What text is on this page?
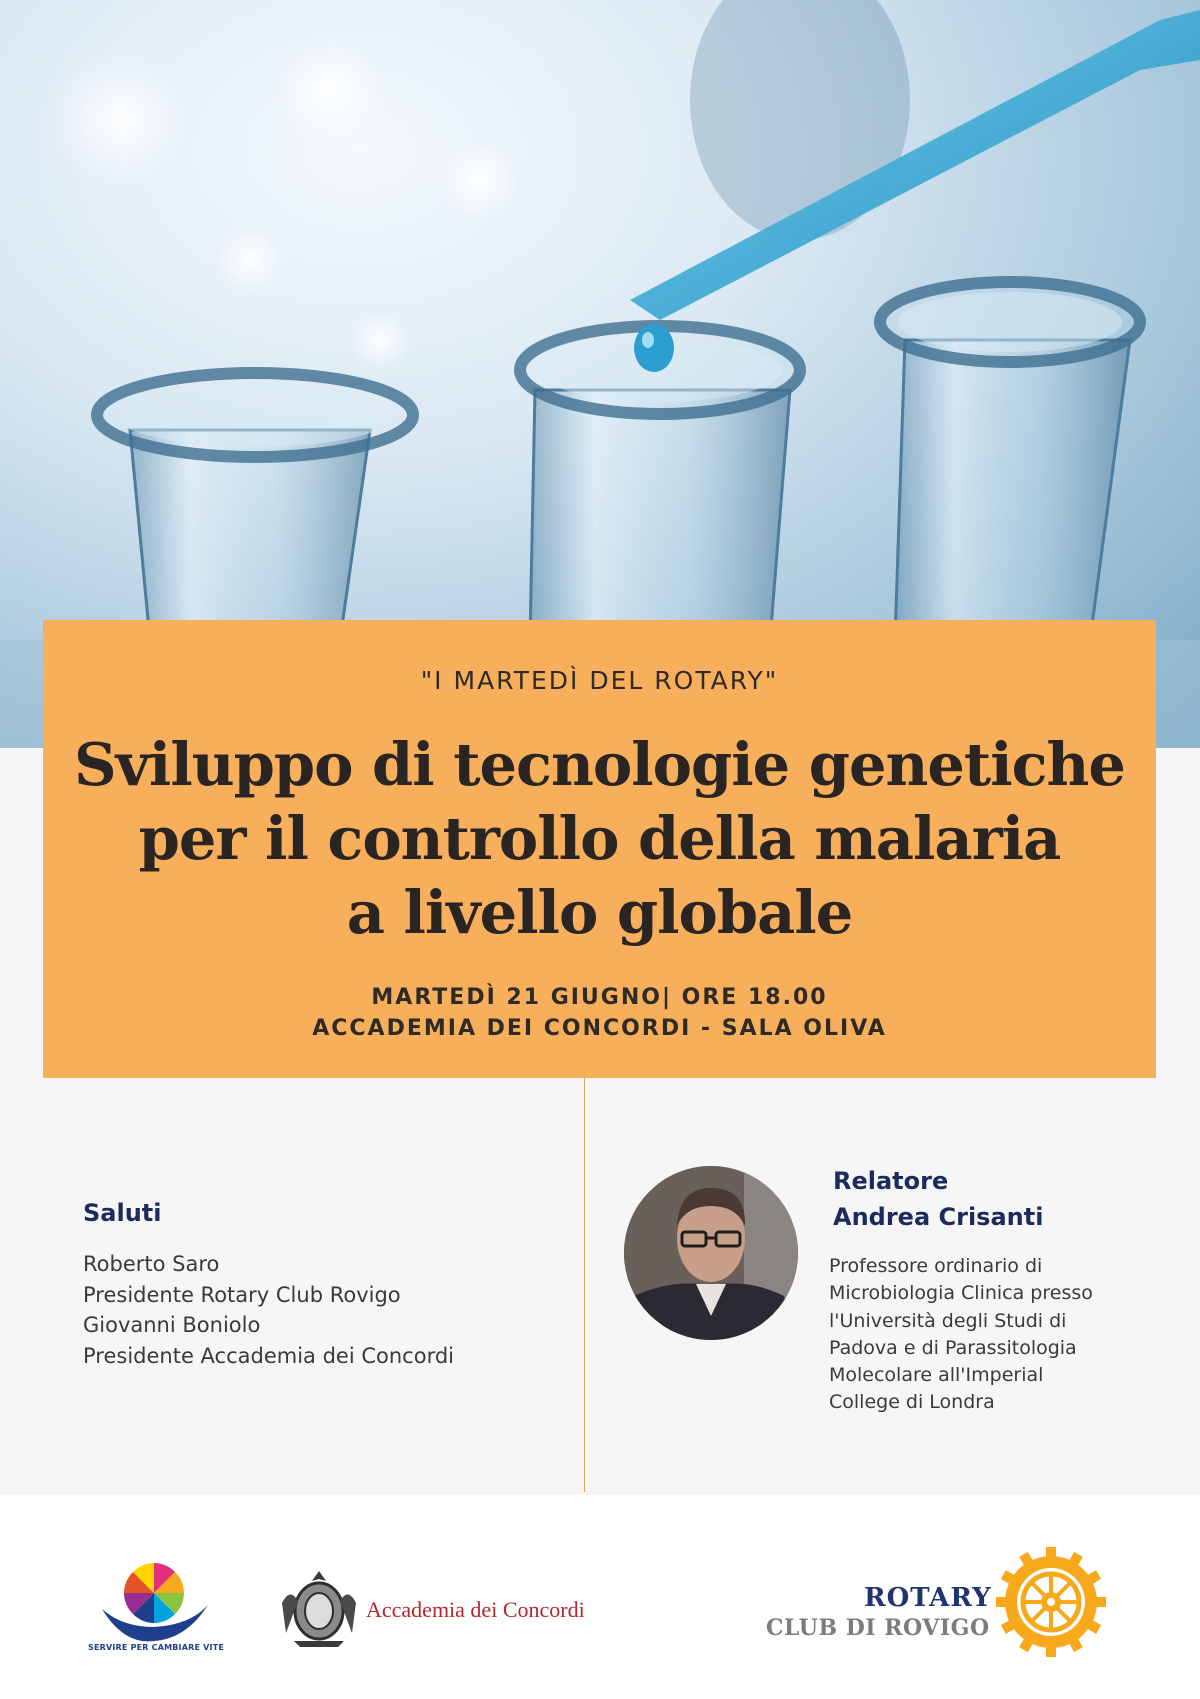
"I MARTEDÌ DEL ROTARY"
Sviluppo di tecnologie genetiche
per il controllo della malaria
a livello globale
MARTEDÌ 21 GIUGNO| ORE 18.00
ACCADEMIA DEI CONCORDI - SALA OLIVA
Saluti
Roberto Saro
Presidente Rotary Club Rovigo
Giovanni Boniolo
Presidente Accademia dei Concordi
Relatore
Andrea Crisanti
Professore ordinario di
Microbiologia Clinica presso
l'Università degli Studi di
Padova e di Parassitologia
Molecolare all'Imperial
College di Londra
SERVIRE PER CAMBIARE VITE
Accademia dei Concordi	ROTARY
CLUB DI ROVIGO
